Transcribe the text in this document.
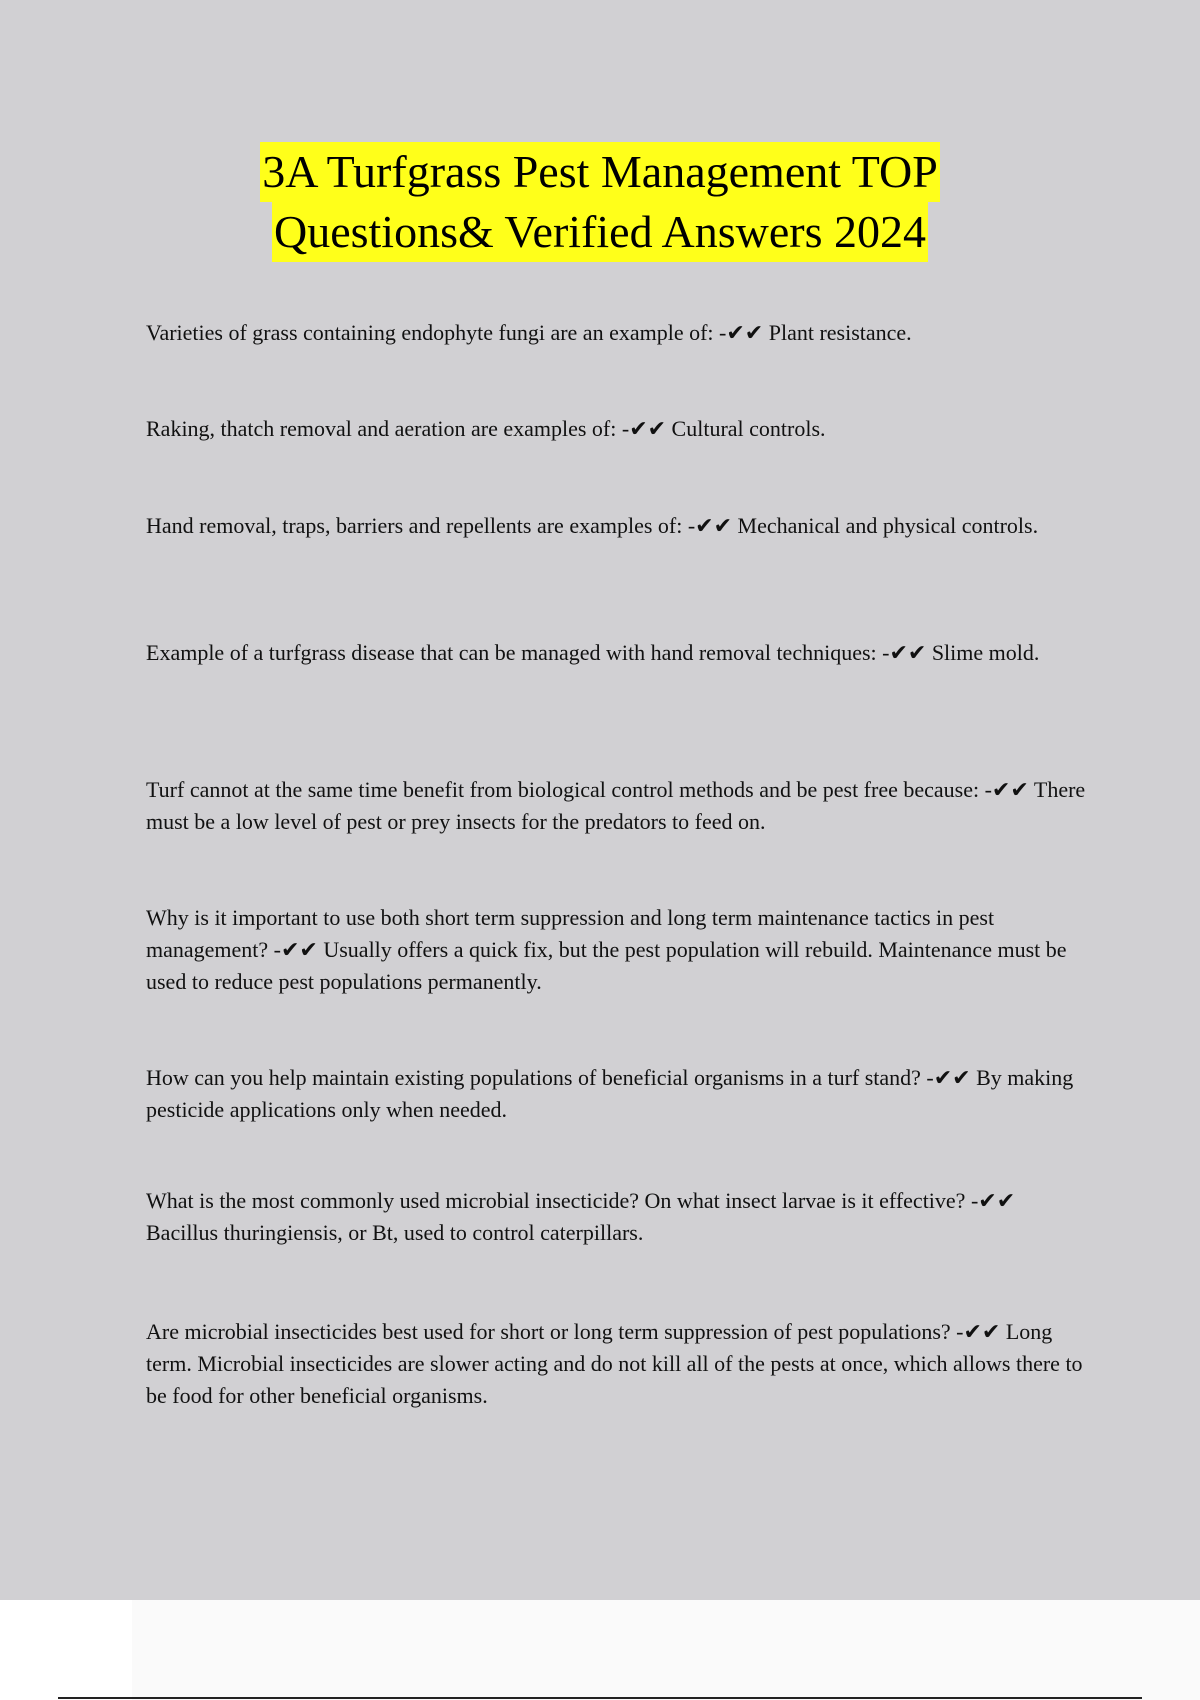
3A Turfgrass Pest Management TOP
Questions& Verified Answers 2024

Varieties of grass containing endophyte fungi are an example of: -✔✔ Plant resistance.

Raking, thatch removal and aeration are examples of: -✔✔ Cultural controls.

Hand removal, traps, barriers and repellents are examples of: -✔✔ Mechanical and physical controls.

Example of a turfgrass disease that can be managed with hand removal techniques: -✔✔ Slime mold.

Turf cannot at the same time benefit from biological control methods and be pest free because: -✔✔ There must be a low level of pest or prey insects for the predators to feed on.

Why is it important to use both short term suppression and long term maintenance tactics in pest management? -✔✔ Usually offers a quick fix, but the pest population will rebuild. Maintenance must be used to reduce pest populations permanently.

How can you help maintain existing populations of beneficial organisms in a turf stand? -✔✔ By making pesticide applications only when needed.

What is the most commonly used microbial insecticide? On what insect larvae is it effective? -✔✔ Bacillus thuringiensis, or Bt, used to control caterpillars.

Are microbial insecticides best used for short or long term suppression of pest populations? -✔✔ Long term. Microbial insecticides are slower acting and do not kill all of the pests at once, which allows there to be food for other beneficial organisms.
